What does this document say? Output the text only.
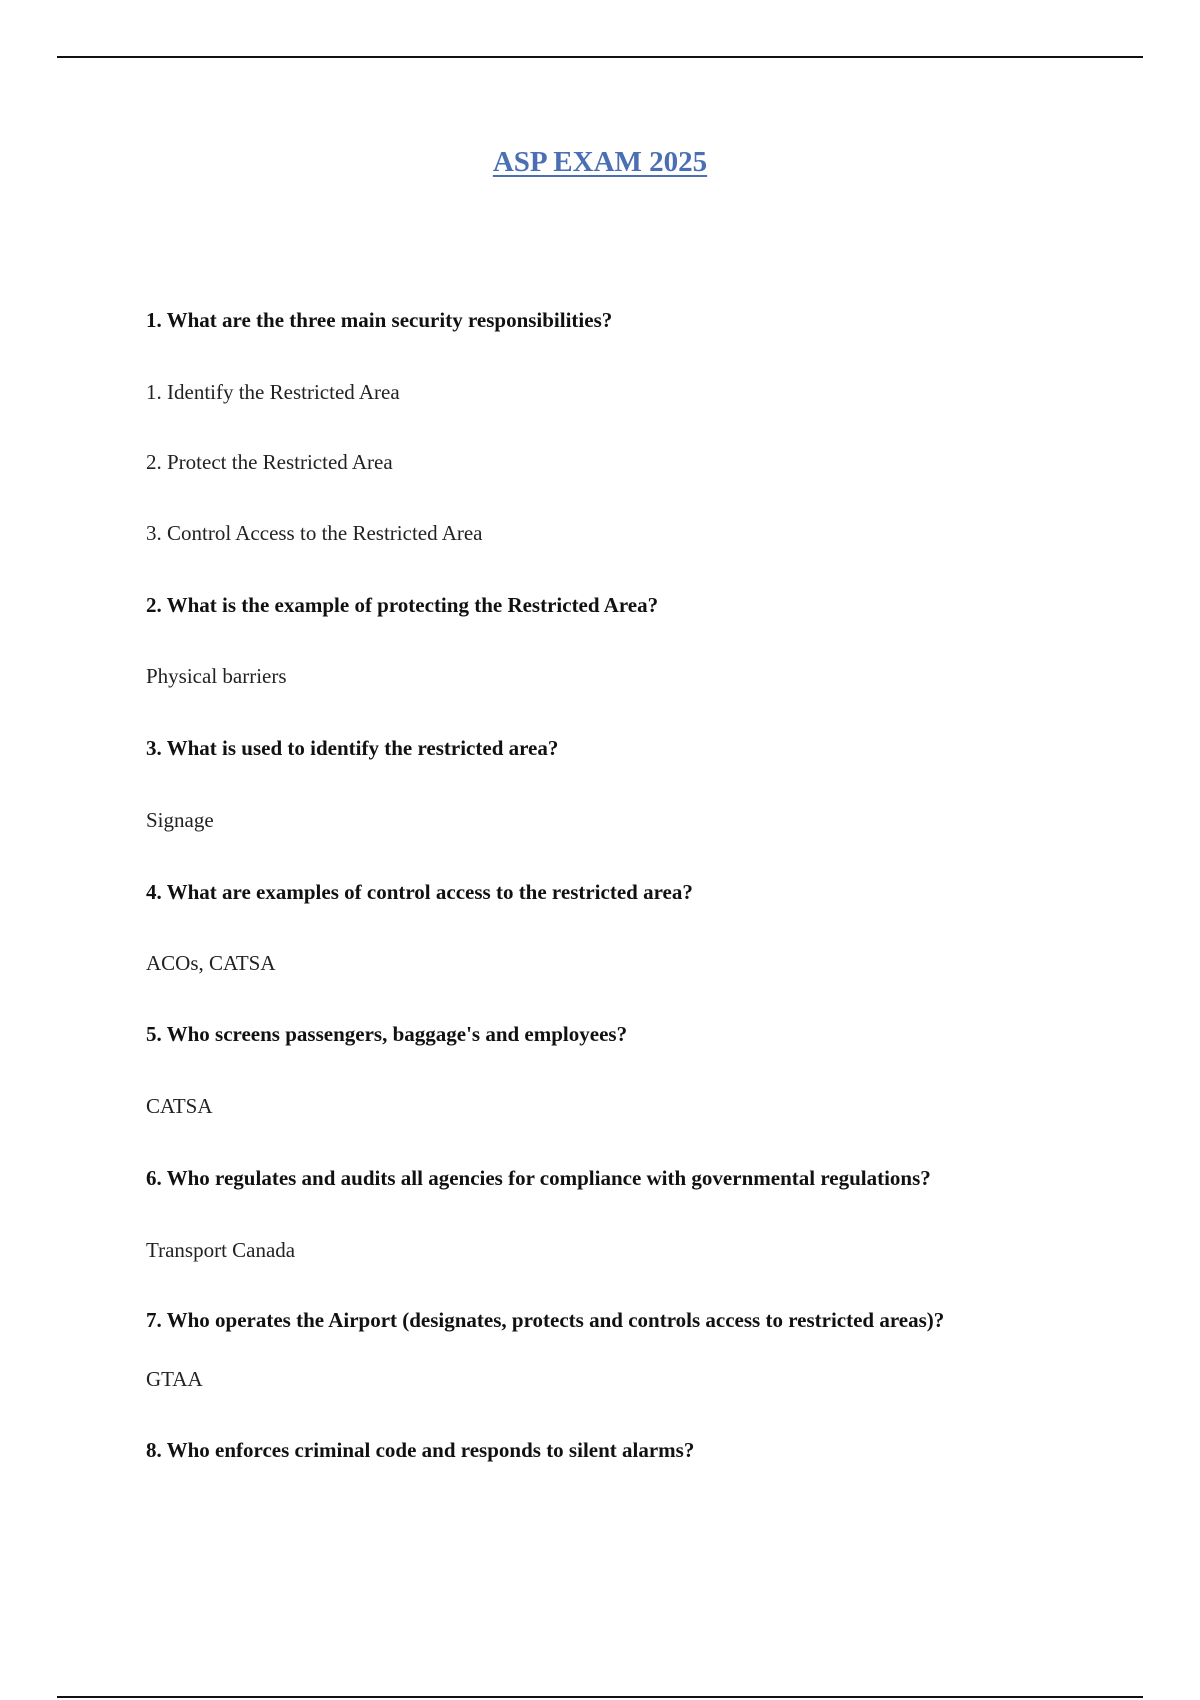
ASP EXAM 2025

1. What are the three main security responsibilities?

1. Identify the Restricted Area

2. Protect the Restricted Area

3. Control Access to the Restricted Area

2. What is the example of protecting the Restricted Area?

Physical barriers

3. What is used to identify the restricted area?

Signage

4. What are examples of control access to the restricted area?

ACOs, CATSA

5. Who screens passengers, baggage's and employees?

CATSA

6. Who regulates and audits all agencies for compliance with governmental regulations?

Transport Canada

7. Who operates the Airport (designates, protects and controls access to restricted areas)?

GTAA

8. Who enforces criminal code and responds to silent alarms?
